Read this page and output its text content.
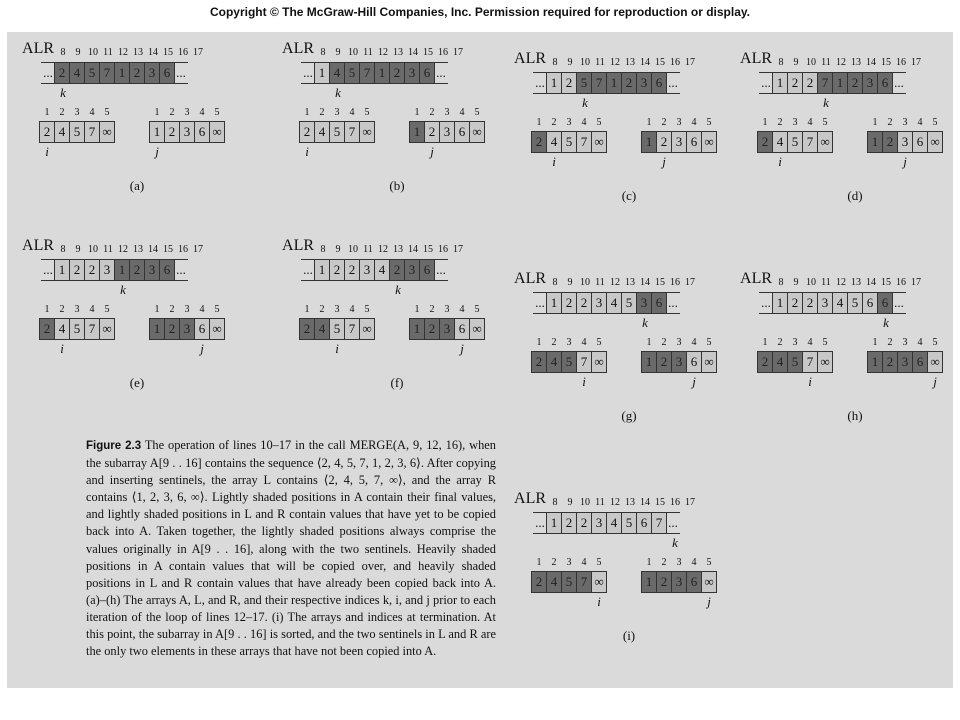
Copyright © The McGraw-Hill Companies, Inc. Permission required for reproduction or display.
A	8	9 10 11 12 13 14 15 16 17
... 2 4 5 7 1 2 3 6 ...
k
L
1	2	3	4	5
2 4 5 7 ∞
i
R
1	2	3	4	5
1 2 3 6 ∞
j
(a)
A	8	9 10 11 12 13 14 15 16 17
... 1 4 5 7 1 2 3 6 ...
k
L
1	2	3	4	5
2 4 5 7 ∞
i
R
1	2	3	4	5
1 2 3 6 ∞
j
(b)
A	8	9 10 11 12 13 14 15 16 17
... 1 2 5 7 1 2 3 6 ...
k
L
1	2	3	4	5
2 4 5 7 ∞
i
R
1	2	3	4	5
1 2 3 6 ∞
j
(c)
A	8	9 10 11 12 13 14 15 16 17
... 1 2 2 7 1 2 3 6 ...
k
L
1	2	3	4	5
2 4 5 7 ∞
i
R
1	2	3	4	5
1 2 3 6 ∞
j
(d)
A	8	9 10 11 12 13 14 15 16 17
... 1 2 2 3 1 2 3 6 ...
k
L
1	2	3	4	5
2 4 5 7 ∞
i
R
1	2	3	4	5
1 2 3 6 ∞
j
(e)
A	8	9 10 11 12 13 14 15 16 17
... 1 2 2 3 4 2 3 6 ...
k
L
1	2	3	4	5
2 4 5 7 ∞
i
R
1	2	3	4	5
1 2 3 6 ∞
j
(f)
A	8	9 10 11 12 13 14 15 16 17
... 1 2 2 3 4 5 3 6 ...
k
L
1	2	3	4	5
2 4 5 7 ∞
i
R
1	2	3	4	5
1 2 3 6 ∞
j
(g)
A	8	9 10 11 12 13 14 15 16 17
... 1 2 2 3 4 5 6 6 ...
k
L
1	2	3	4	5
2 4 5 7 ∞
i
R
1	2	3	4	5
1 2 3 6 ∞
j
(h)
A	8	9 10 11 12 13 14 15 16 17
... 1 2 2 3 4 5 6 7 ...
k
L
1	2	3	4	5
2 4 5 7 ∞
i
R
1	2	3	4	5
1 2 3 6 ∞
j
(i)
Figure 2.3 The operation of lines 10–17 in the call MERGE(A, 9, 12, 16), when the subarray A[9 . . 16] contains the sequence ⟨2, 4, 5, 7, 1, 2, 3, 6⟩. After copying and inserting sentinels, the array L contains ⟨2, 4, 5, 7, ∞⟩, and the array R contains ⟨1, 2, 3, 6, ∞⟩. Lightly shaded positions in A contain their final values, and lightly shaded positions in L and R contain values that have yet to be copied back into A. Taken together, the lightly shaded positions always comprise the values originally in A[9 . . 16], along with the two sentinels. Heavily shaded positions in A contain values that will be copied over, and heavily shaded positions in L and R contain values that have already been copied back into A. (a)–(h) The arrays A, L, and R, and their respective indices k, i, and j prior to each iteration of the loop of lines 12–17. (i) The arrays and indices at termination. At this point, the subarray in A[9 . . 16] is sorted, and the two sentinels in L and R are the only two elements in these arrays that have not been copied into A.
